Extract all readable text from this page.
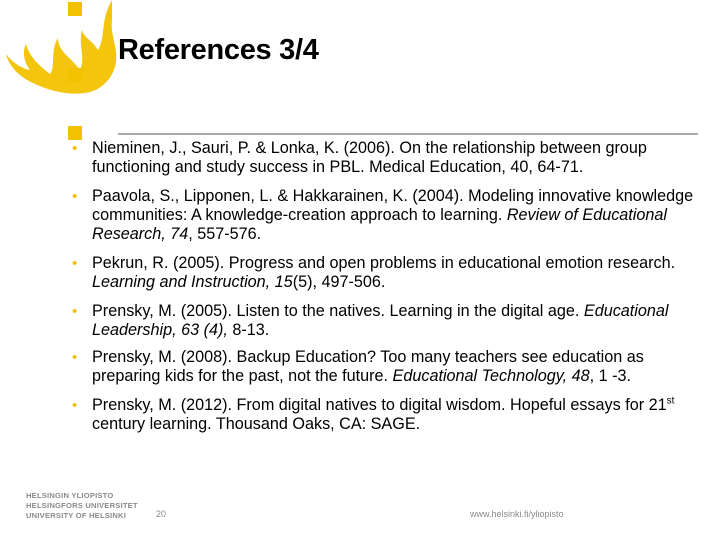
References 3/4
• Nieminen, J., Sauri, P. & Lonka, K. (2006). On the relationship between group functioning and study success in PBL. Medical Education, 40, 64-71.
• Paavola, S., Lipponen, L. & Hakkarainen, K. (2004). Modeling innovative knowledge communities: A knowledge-creation approach to learning. Review of Educational Research, 74, 557-576.
• Pekrun, R. (2005). Progress and open problems in educational emotion research. Learning and Instruction, 15(5), 497-506.
• Prensky, M. (2005). Listen to the natives. Learning in the digital age. Educational Leadership, 63 (4), 8-13.
• Prensky, M. (2008). Backup Education? Too many teachers see education as preparing kids for the past, not the future. Educational Technology, 48, 1 -3.
• Prensky, M. (2012). From digital natives to digital wisdom. Hopeful essays for 21st century learning. Thousand Oaks, CA: SAGE.
HELSINGIN YLIOPISTO
HELSINGFORS UNIVERSITET
UNIVERSITY OF HELSINKI	20	www.helsinki.fi/yliopisto
